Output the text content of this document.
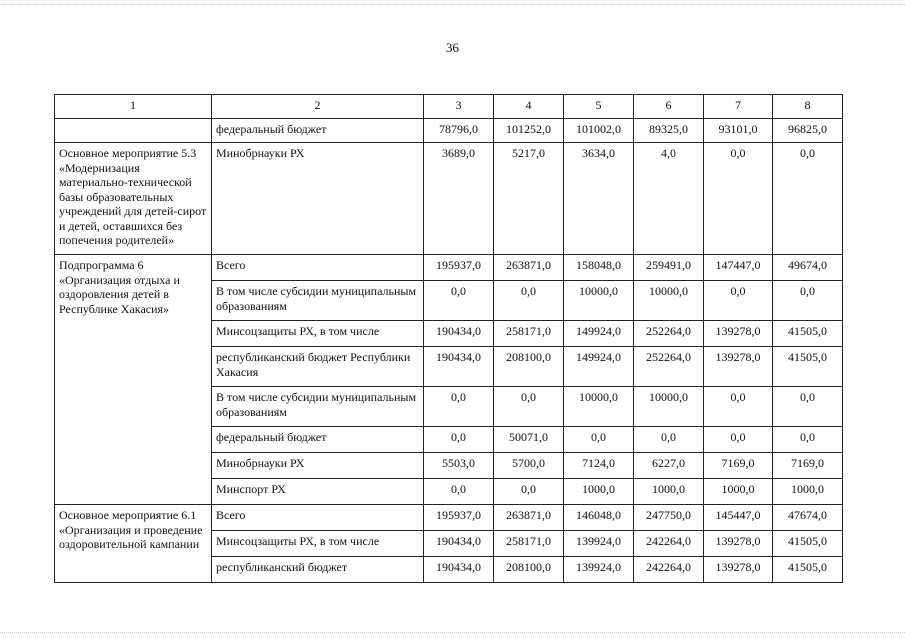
36
1	2	3	4	5	6	7	8
	федеральный бюджет	78796,0	101252,0	101002,0	89325,0	93101,0	96825,0
Основное мероприятие 5.3 «Модернизация материально-технической базы образовательных учреждений для детей-сирот и детей, оставшихся без попечения родителей»	Минобрнауки РХ	3689,0	5217,0	3634,0	4,0	0,0	0,0
Подпрограмма 6 «Организация отдыха и оздоровления детей в Республике Хакасия»	Всего	195937,0	263871,0	158048,0	259491,0	147447,0	49674,0
	В том числе субсидии муниципальным образованиям	0,0	0,0	10000,0	10000,0	0,0	0,0
	Минсоцзащиты РХ, в том числе	190434,0	258171,0	149924,0	252264,0	139278,0	41505,0
	республиканский бюджет Республики Хакасия	190434,0	208100,0	149924,0	252264,0	139278,0	41505,0
	В том числе субсидии муниципальным образованиям	0,0	0,0	10000,0	10000,0	0,0	0,0
	федеральный бюджет	0,0	50071,0	0,0	0,0	0,0	0,0
	Минобрнауки РХ	5503,0	5700,0	7124,0	6227,0	7169,0	7169,0
	Минспорт РХ	0,0	0,0	1000,0	1000,0	1000,0	1000,0
Основное мероприятие 6.1 «Организация и проведение оздоровительной кампании	Всего	195937,0	263871,0	146048,0	247750,0	145447,0	47674,0
	Минсоцзащиты РХ, в том числе	190434,0	258171,0	139924,0	242264,0	139278,0	41505,0
	республиканский бюджет	190434,0	208100,0	139924,0	242264,0	139278,0	41505,0
